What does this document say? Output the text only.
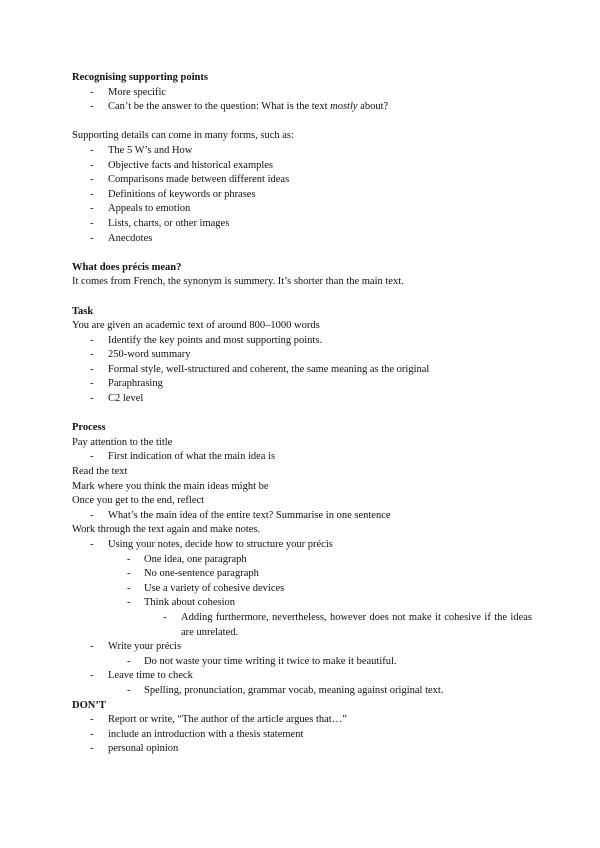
Recognising supporting points
- More specific
- Can’t be the answer to the question: What is the text mostly about?
Supporting details can come in many forms, such as:
- The 5 W’s and How
- Objective facts and historical examples
- Comparisons made between different ideas
- Definitions of keywords or phrases
- Appeals to emotion
- Lists, charts, or other images
- Anecdotes
What does précis mean?
It comes from French, the synonym is summery. It’s shorter than the main text.
Task
You are given an academic text of around 800–1000 words
- Identify the key points and most supporting points.
- 250-word summary
- Formal style, well-structured and coherent, the same meaning as the original
- Paraphrasing
- C2 level
Process
Pay attention to the title
- First indication of what the main idea is
Read the text
Mark where you think the main ideas might be
Once you get to the end, reflect
- What’s the main idea of the entire text? Summarise in one sentence
Work through the text again and make notes.
- Using your notes, decide how to structure your précis
- One idea, one paragraph
- No one-sentence paragraph
- Use a variety of cohesive devices
- Think about cohesion
- Adding furthermore, nevertheless, however does not make it cohesive if the ideas are unrelated.
- Write your précis
- Do not waste your time writing it twice to make it beautiful.
- Leave time to check
- Spelling, pronunciation, grammar vocab, meaning against original text.
DON’T
- Report or write, “The author of the article argues that…”
- include an introduction with a thesis statement
- personal opinion
